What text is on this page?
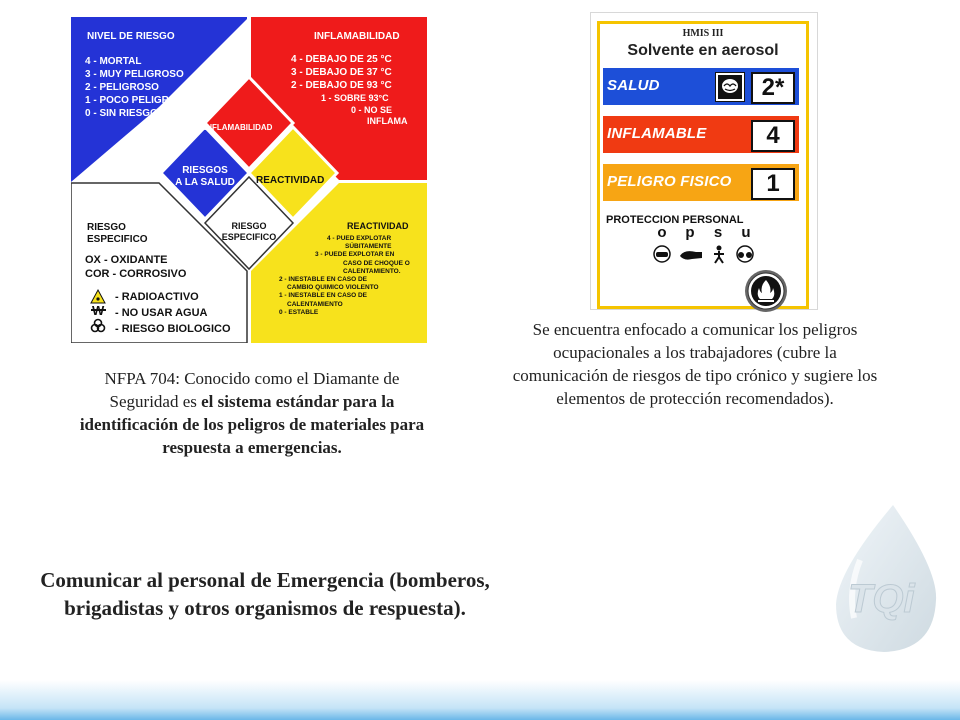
W
NIVEL DE RIESGO
4 - MORTAL
3 - MUY PELIGROSO
2 - PELIGROSO
1 - POCO PELIGROSO
0 - SIN RIESGO
INFLAMABILIDAD
4 - DEBAJO DE 25 °C
3 - DEBAJO DE 37 °C
2 - DEBAJO DE 93 °C
1 - SOBRE 93°C
0 - NO SE
INFLAMA
INFLAMABILIDAD
RIESGOS
A LA SALUD REACTIVIDAD
RIESGO
ESPECIFICO
RIESGO
ESPECIFICO
OX - OXIDANTE
COR - CORROSIVO
- RADIOACTIVO
- NO USAR AGUA
- RIESGO BIOLOGICO
REACTIVIDAD
4 - PUED EXPLOTAR
SÚBITAMENTE
3 - PUEDE EXPLOTAR EN
CASO DE CHOQUE O
CALENTAMIENTO.
2 - INESTABLE EN CASO DE
CAMBIO QUIMICO VIOLENTO
1 - INESTABLE EN CASO DE
CALENTAMIENTO
0 - ESTABLE
HMIS III
Solvente en aerosol
SALUD	2*
INFLAMABLE	4
PELIGRO FISICO	1
PROTECCION PERSONAL
o p s u
NFPA 704: Conocido como el Diamante de Seguridad es el sistema estándar para la identificación de los peligros de materiales para respuesta a emergencias.
Se encuentra enfocado a comunicar los peligros ocupacionales a los trabajadores (cubre la comunicación de riesgos de tipo crónico y sugiere los elementos de protección recomendados).
Comunicar al personal de Emergencia (bomberos, brigadistas y otros organismos de respuesta).	TQi
